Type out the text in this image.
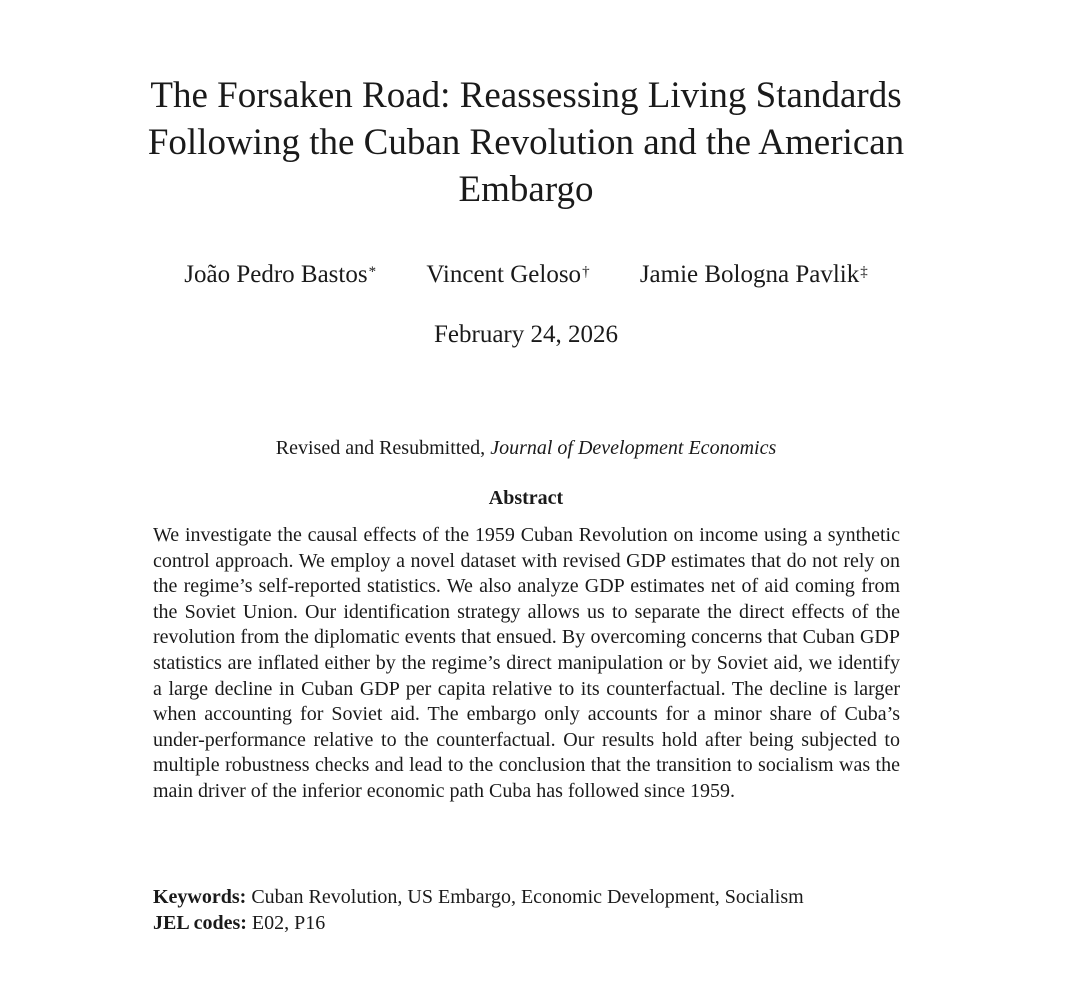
The Forsaken Road: Reassessing Living Standards Following the Cuban Revolution and the American Embargo
João Pedro Bastos* Vincent Geloso† Jamie Bologna Pavlik‡
February 24, 2026
Revised and Resubmitted, Journal of Development Economics
Abstract

We investigate the causal effects of the 1959 Cuban Revolution on income using a synthetic control approach. We employ a novel dataset with revised GDP estimates that do not rely on the regime’s self-reported statistics. We also analyze GDP estimates net of aid coming from the Soviet Union. Our identification strategy allows us to separate the direct effects of the revolution from the diplomatic events that ensued. By overcoming concerns that Cuban GDP statistics are inflated either by the regime’s direct manipulation or by Soviet aid, we identify a large decline in Cuban GDP per capita relative to its counterfactual. The decline is larger when accounting for Soviet aid. The embargo only accounts for a minor share of Cuba’s under-performance relative to the counterfactual. Our results hold after being subjected to multiple robustness checks and lead to the conclusion that the transition to socialism was the main driver of the inferior economic path Cuba has followed since 1959.

Keywords: Cuban Revolution, US Embargo, Economic Development, Socialism
JEL codes: E02, P16
